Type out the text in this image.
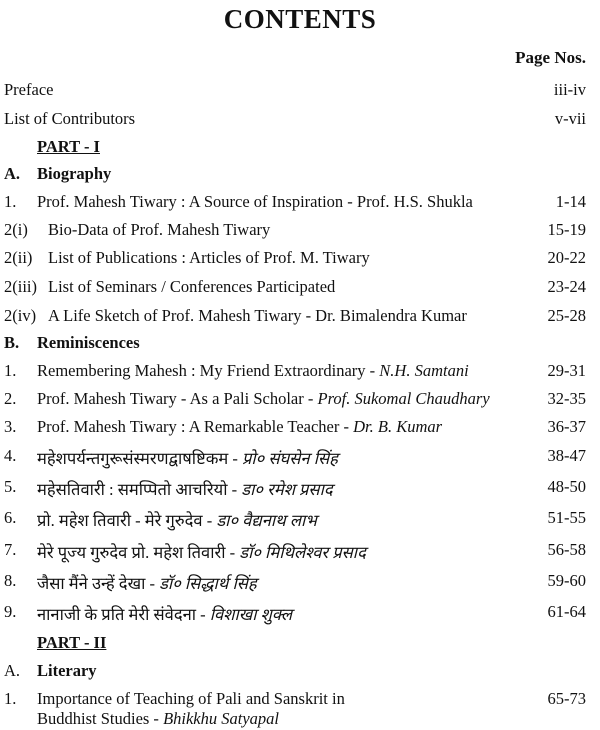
CONTENTS
Page Nos.
Preface	iii-iv
List of Contributors	v-vii
PART - I
A. Biography
1. Prof. Mahesh Tiwary : A Source of Inspiration - Prof. H.S. Shukla	1-14
2(i) Bio-Data of Prof. Mahesh Tiwary	15-19
2(ii) List of Publications : Articles of Prof. M. Tiwary	20-22
2(iii) List of Seminars / Conferences Participated	23-24
2(iv) A Life Sketch of Prof. Mahesh Tiwary - Dr. Bimalendra Kumar	25-28
B. Reminiscences
1. Remembering Mahesh : My Friend Extraordinary - N.H. Samtani	29-31
2. Prof. Mahesh Tiwary - As a Pali Scholar - Prof. Sukomal Chaudhary	32-35
3. Prof. Mahesh Tiwary : A Remarkable Teacher - Dr. B. Kumar	36-37
4. महेशपर्यन्तगुरूसंस्मरणद्वाषष्टिकम - प्रो० संघसेन सिंह	38-47
5. महेसतिवारी : समप्पितो आचरियो - डा० रमेश प्रसाद	48-50
6. प्रो. महेश तिवारी - मेरे गुरुदेव - डा० वैद्यनाथ लाभ	51-55
7. मेरे पूज्य गुरुदेव प्रो. महेश तिवारी - डॉ० मिथिलेश्वर प्रसाद	56-58
8. जैसा मैंने उन्हें देखा - डॉ० सिद्धार्थ सिंह	59-60
9. नानाजी के प्रति मेरी संवेदना - विशाखा शुक्ल	61-64
PART - II
A. Literary
1. Importance of Teaching of Pali and Sanskrit in
Buddhist Studies - Bhikkhu Satyapal
65-73
